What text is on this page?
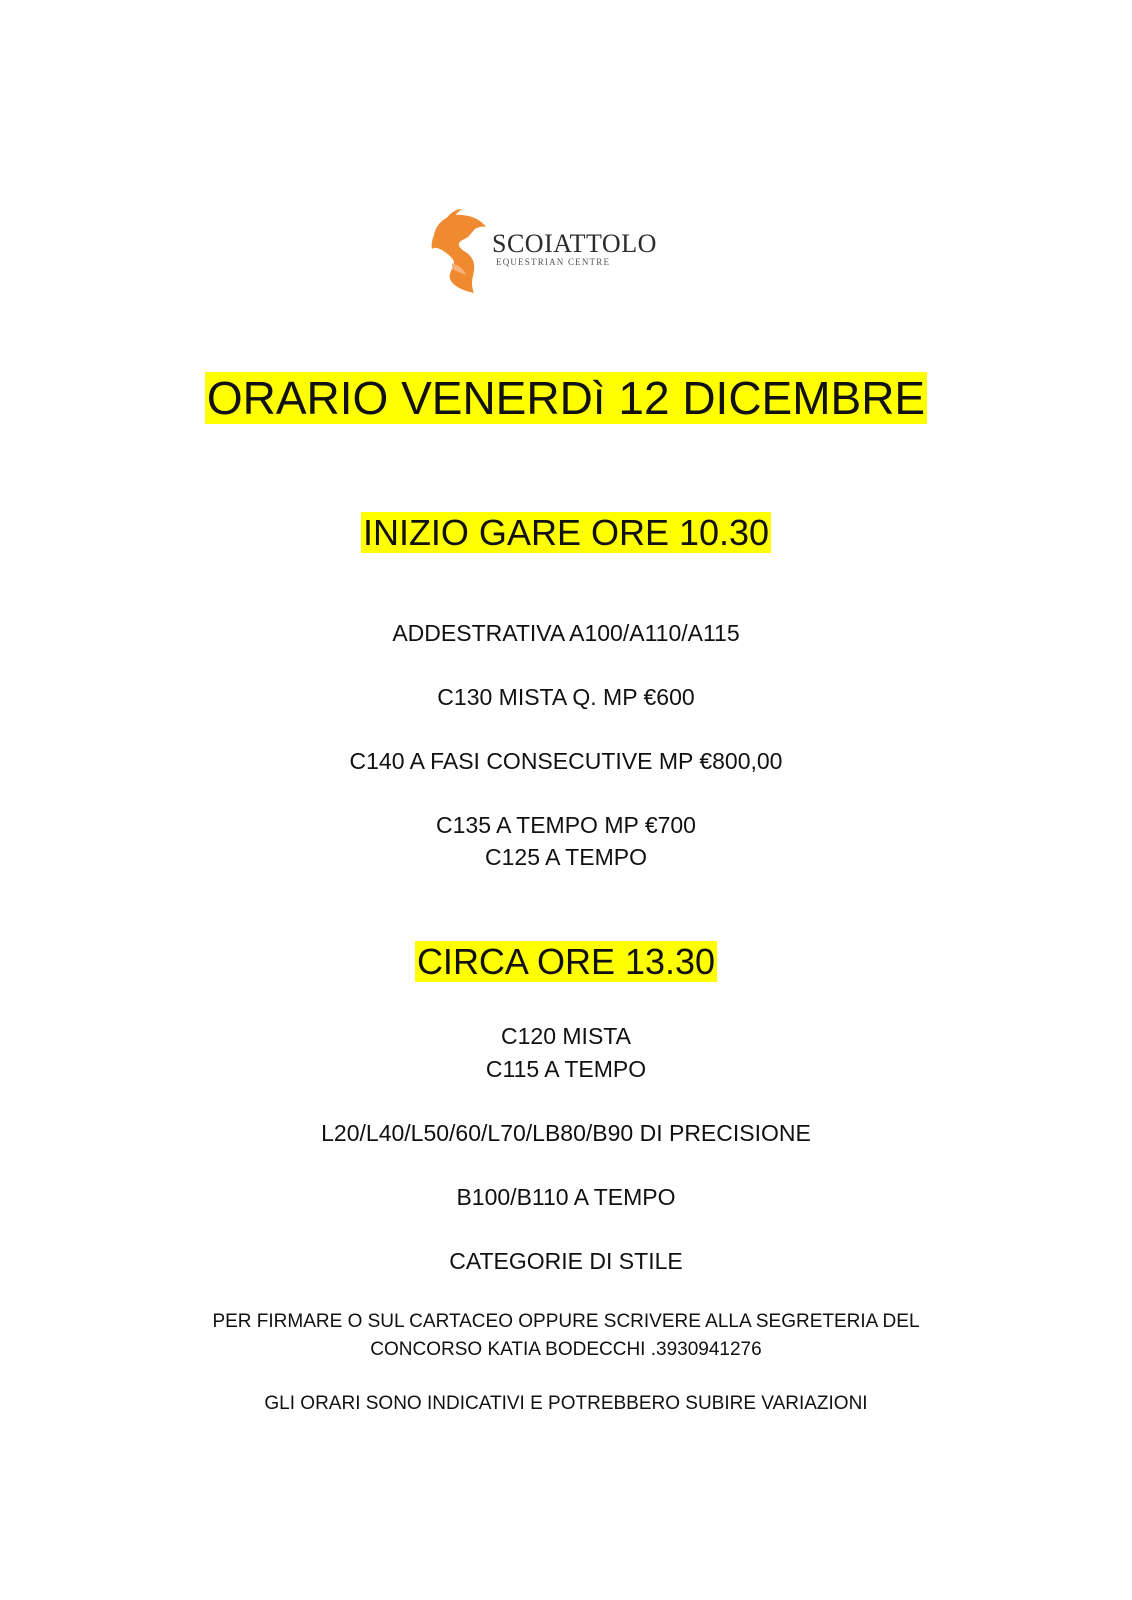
SCOIATTOLO
EQUESTRIAN CENTRE
ORARIO VENERDì 12 DICEMBRE
INIZIO GARE ORE 10.30
ADDESTRATIVA A100/A110/A115
C130 MISTA Q. MP €600
C140 A FASI CONSECUTIVE MP €800,00
C135 A TEMPO MP €700
C125 A TEMPO
CIRCA ORE 13.30
C120 MISTA
C115 A TEMPO
L20/L40/L50/60/L70/LB80/B90 DI PRECISIONE
B100/B110 A TEMPO
CATEGORIE DI STILE
PER FIRMARE O SUL CARTACEO OPPURE SCRIVERE ALLA SEGRETERIA DEL
CONCORSO KATIA BODECCHI .3930941276
GLI ORARI SONO INDICATIVI E POTREBBERO SUBIRE VARIAZIONI
